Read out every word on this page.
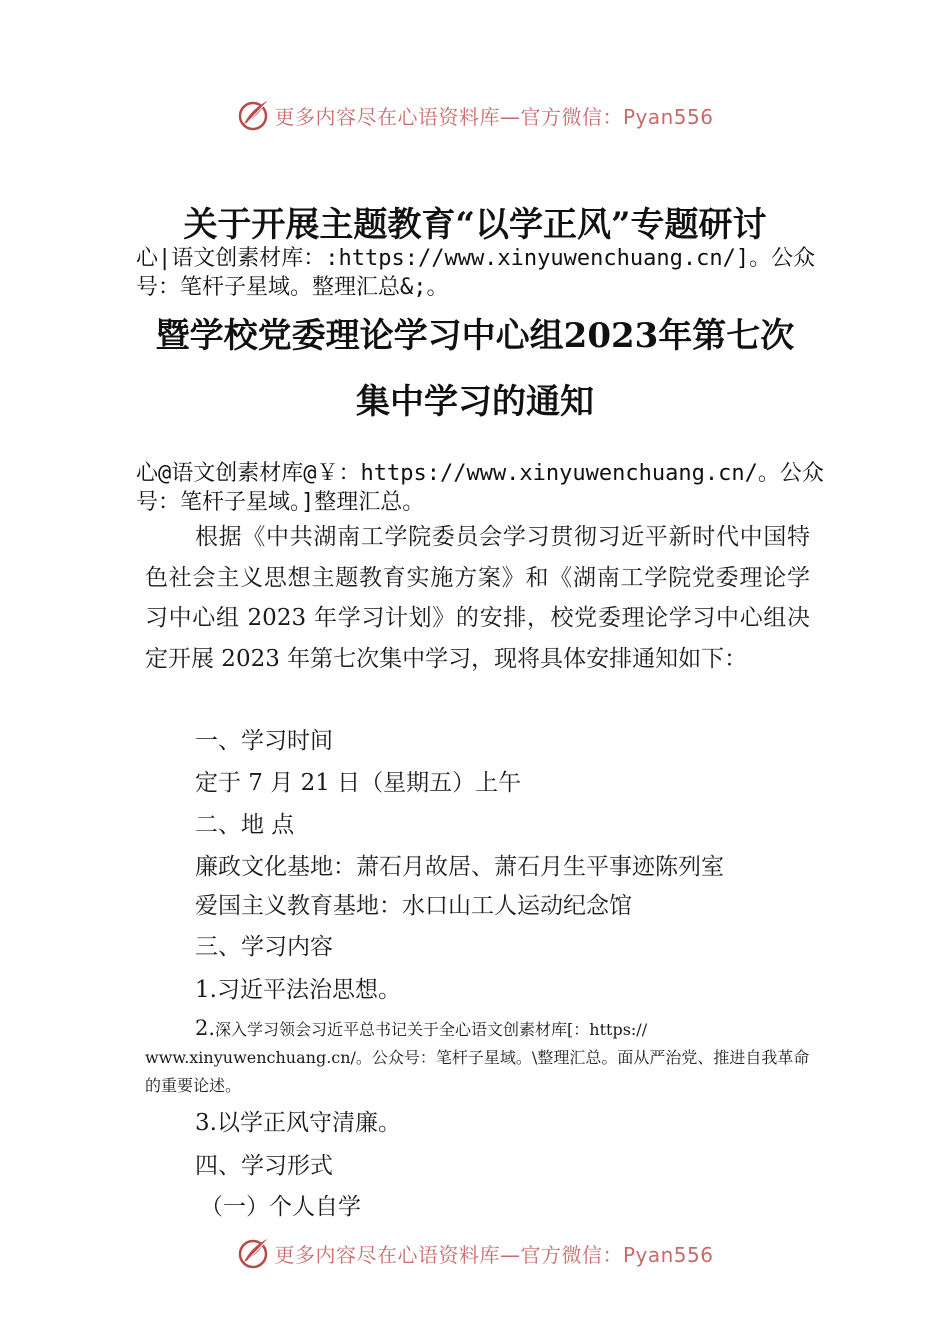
更多内容尽在心语资料库—官方微信：Pyan556
关于开展主题教育“以学正风”专题研讨
心|语文创素材库：:https://www.xinyuwenchuang.cn/]。公众号：笔杆子星域。整理汇总&;。
暨学校党委理论学习中心组2023年第七次
集中学习的通知
心@语文创素材库@￥：https://www.xinyuwenchuang.cn/。公众号：笔杆子星域。]整理汇总。
根据《中共湖南工学院委员会学习贯彻习近平新时代中国特色社会主义思想主题教育实施方案》和《湖南工学院党委理论学习中心组 2023 年学习计划》的安排，校党委理论学习中心组决定开展 2023 年第七次集中学习，现将具体安排通知如下：
一、学习时间
定于 7 月 21 日（星期五）上午
二、地 点
廉政文化基地：萧石月故居、萧石月生平事迹陈列室
爱国主义教育基地：水口山工人运动纪念馆
三、学习内容
1.习近平法治思想。
2.深入学习领会习近平总书记关于全心语文创素材库[：https://
www.xinyuwenchuang.cn/。公众号：笔杆子星域。\整理汇总。面从严治党、推进自我革命的重要论述。
3.以学正风守清廉。
四、学习形式
（一）个人自学
更多内容尽在心语资料库—官方微信：Pyan556
